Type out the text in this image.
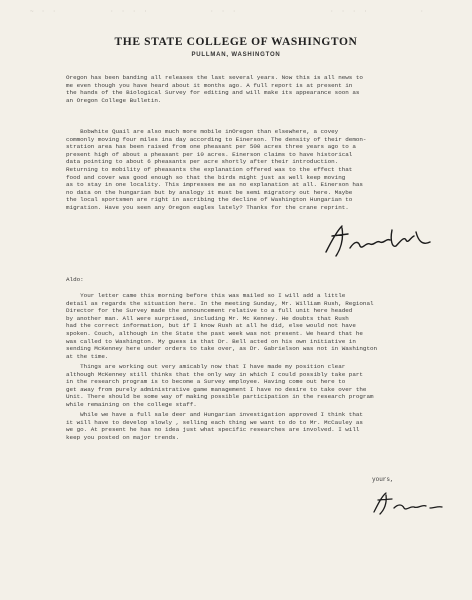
~ · ·	· · · ·	· · ·	· · · ·	·
THE STATE COLLEGE OF WASHINGTON
PULLMAN, WASHINGTON
Oregon has been banding all releases the last several years. Now this is all news to
me even though you have heard about it months ago. A full report is at present in
the hands of the Biological Survey for editing and will make its appearance soon as
an Oregon College Bulletin.
Bobwhite Quail are also much more mobile inOregon than elsewhere, a covey
commonly moving four miles ina day according to Einerson. The density of their demon-
stration area has been raised from one pheasant per 500 acres three years ago to a
present high of about a pheasant per 10 acres. Einerson claims to have historical
data pointing to about 6 pheasants per acre shortly after their introduction.
Returning to mobility of pheasants the explanation offered was to the effect that
food and cover was good enough so that the birds might just as well keep moving
as to stay in one locality. This impresses me as no explanation at all. Einerson has
no data on the hungarian but by analogy it must be semi migratory out here. Maybe
the local sportsmen are right in ascribing the decline of Washington Hungarian to
migration. Have you seen any Oregon eagles lately? Thanks for the crane reprint.
Aldo:
Your letter came this morning before this was mailed so I will add a little
detail as regards the situation here. In the meeting Sunday, Mr. William Rush, Regional
Director for the Survey made the announcement relative to a full unit here headed
by another man. All were surprised, including Mr. Mc Kenney. He doubts that Rush
had the correct information, but if I know Rush at all he did, else would not have
spoken. Couch, although in the State the past week was not present. We heard that he
was called to Washington. My guess is that Dr. Bell acted on his own initiative in
sending McKenney here under orders to take over, as Dr. Gabrielson was not in Washington
at the time.
Things are working out very amicably now that I have made my position clear
although McKenney still thinks that the only way in which I could possibly take part
in the research program is to become a Survey employee. Having come out here to
get away from purely administrative game management I have no desire to take over the
Unit. There should be some way of making possible participation in the research program
while remaining on the college staff.
While we have a full sale deer and Hungarian investigation approved I think that
it will have to develop slowly , selling each thing we want to do to Mr. McCauley as
we go. At present he has no idea just what specific researches are involved. I will
keep you posted on major trends.
yours,
